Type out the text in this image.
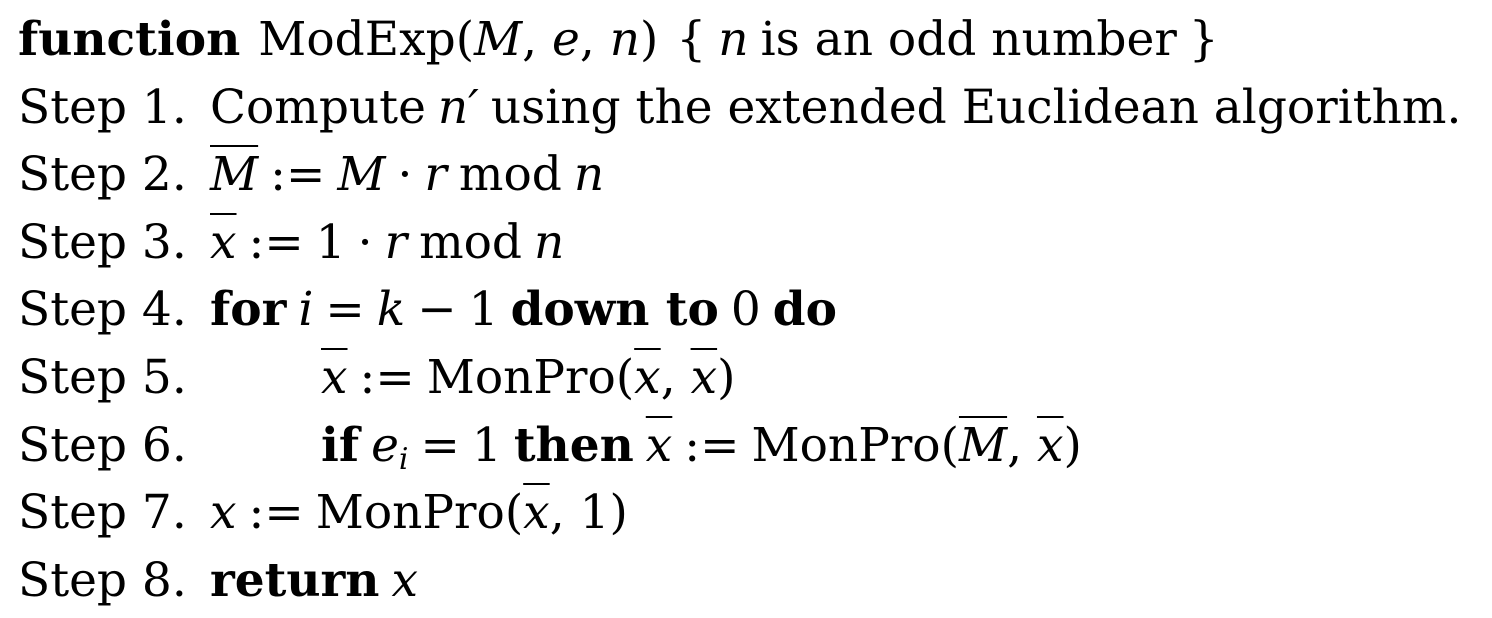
function ModExp(M, e, n) { n is an odd number }
Step 1. Compute n′ using the extended Euclidean algorithm.
Step 2. $\overline{M}$ := M · r mod n
Step 3. $\overline{x}$ := 1 · r mod n
Step 4. for i = k − 1 down to 0 do
Step 5.	$\overline{x}$ := $MonPro(\overline{x}$, $\overline{x}$)
Step 6.	if $e_i = 1$ then $\overline{x}$ := $MonPro(\overline{M}$, $\overline{x}$)
Step 7. x := $MonPro(\overline{x}$, 1)
Step 8. return x
